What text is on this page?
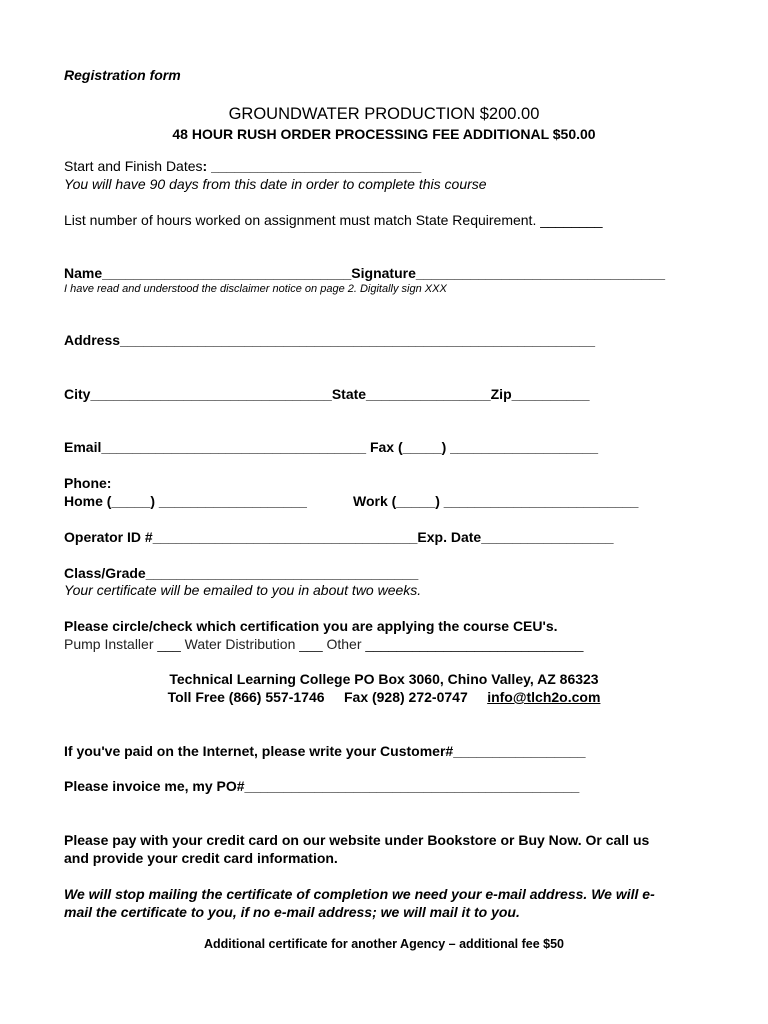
Registration form
GROUNDWATER PRODUCTION $200.00
48 HOUR RUSH ORDER PROCESSING FEE ADDITIONAL $50.00
Start and Finish Dates: ___________________________
You will have 90 days from this date in order to complete this course
List number of hours worked on assignment must match State Requirement. ________
Name________________________________Signature________________________________
I have read and understood the disclaimer notice on page 2. Digitally sign XXX
Address_____________________________________________________________
City_______________________________State________________Zip__________
Email__________________________________ Fax (_____) ___________________
Phone:
Home (_____) ___________________	Work (_____) _________________________
Operator ID #__________________________________Exp. Date_________________
Class/Grade___________________________________
Your certificate will be emailed to you in about two weeks.
Please circle/check which certification you are applying the course CEU's.
Pump Installer ___ Water Distribution ___ Other ____________________________
Technical Learning College PO Box 3060, Chino Valley, AZ 86323
Toll Free (866) 557-1746     Fax (928) 272-0747     info@tlch2o.com
If you've paid on the Internet, please write your Customer#_________________
Please invoice me, my PO#___________________________________________
Please pay with your credit card on our website under Bookstore or Buy Now. Or call us
and provide your credit card information.
We will stop mailing the certificate of completion we need your e-mail address. We will e-
mail the certificate to you, if no e-mail address; we will mail it to you.
Additional certificate for another Agency – additional fee $50
